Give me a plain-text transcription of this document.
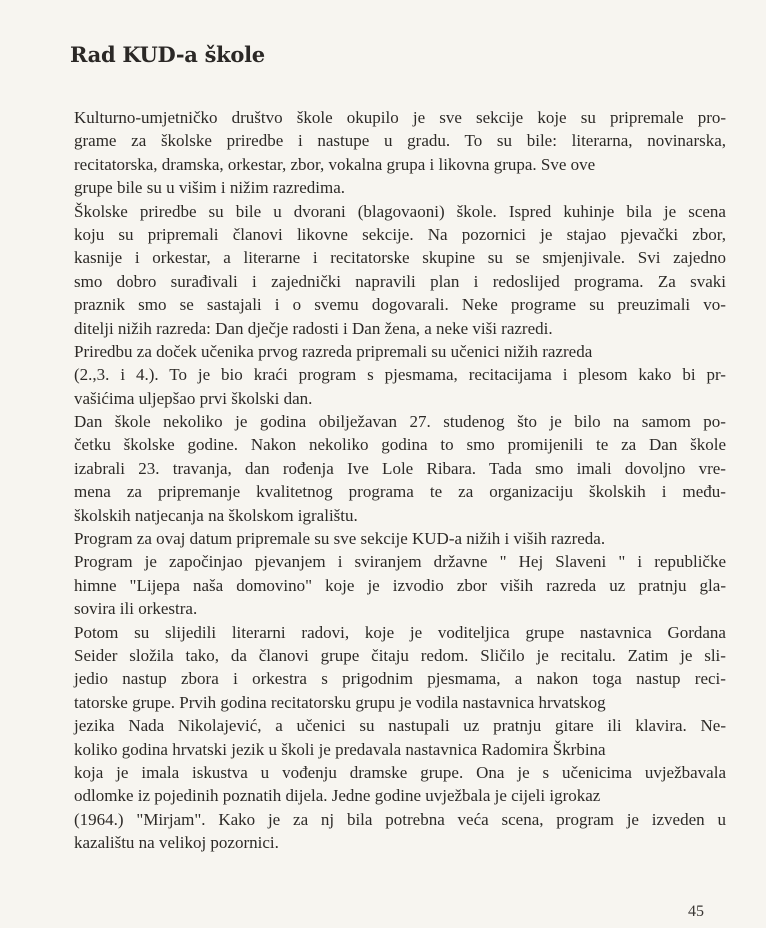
Rad KUD-a škole
Kulturno-umjetničko društvo škole okupilo je sve sekcije koje su pripremale pro-
grame za školske priredbe i nastupe u gradu. To su bile: literarna, novinarska,
recitatorska, dramska, orkestar, zbor, vokalna grupa i likovna grupa. Sve ove
grupe bile su u višim i nižim razredima.
Školske priredbe su bile u dvorani (blagovaoni) škole. Ispred kuhinje bila je scena
koju su pripremali članovi likovne sekcije. Na pozornici je stajao pjevački zbor,
kasnije i orkestar, a literarne i recitatorske skupine su se smjenjivale. Svi zajedno
smo dobro surađivali i zajednički napravili plan i redoslijed programa. Za svaki
praznik smo se sastajali i o svemu dogovarali. Neke programe su preuzimali vo-
ditelji nižih razreda: Dan dječje radosti i Dan žena, a neke viši razredi.
Priredbu za doček učenika prvog razreda pripremali su učenici nižih razreda
(2.,3. i 4.). To je bio kraći program s pjesmama, recitacijama i plesom kako bi pr-
vašićima uljepšao prvi školski dan.
Dan škole nekoliko je godina obilježavan 27. studenog što je bilo na samom po-
četku školske godine. Nakon nekoliko godina to smo promijenili te za Dan škole
izabrali 23. travanja, dan rođenja Ive Lole Ribara. Tada smo imali dovoljno vre-
mena za pripremanje kvalitetnog programa te za organizaciju školskih i među-
školskih natjecanja na školskom igralištu.
Program za ovaj datum pripremale su sve sekcije KUD-a nižih i viših razreda.
Program je započinjao pjevanjem i sviranjem državne " Hej Slaveni " i republičke
himne "Lijepa naša domovino" koje je izvodio zbor viših razreda uz pratnju gla-
sovira ili orkestra.
Potom su slijedili literarni radovi, koje je voditeljica grupe nastavnica Gordana
Seider složila tako, da članovi grupe čitaju redom. Sličilo je recitalu. Zatim je sli-
jedio nastup zbora i orkestra s prigodnim pjesmama, a nakon toga nastup reci-
tatorske grupe. Prvih godina recitatorsku grupu je vodila nastavnica hrvatskog
jezika Nada Nikolajević, a učenici su nastupali uz pratnju gitare ili klavira. Ne-
koliko godina hrvatski jezik u školi je predavala nastavnica Radomira Škrbina
koja je imala iskustva u vođenju dramske grupe. Ona je s učenicima uvježbavala
odlomke iz pojedinih poznatih dijela. Jedne godine uvježbala je cijeli igrokaz
(1964.) "Mirjam". Kako je za nj bila potrebna veća scena, program je izveden u
kazalištu na velikoj pozornici.
45
